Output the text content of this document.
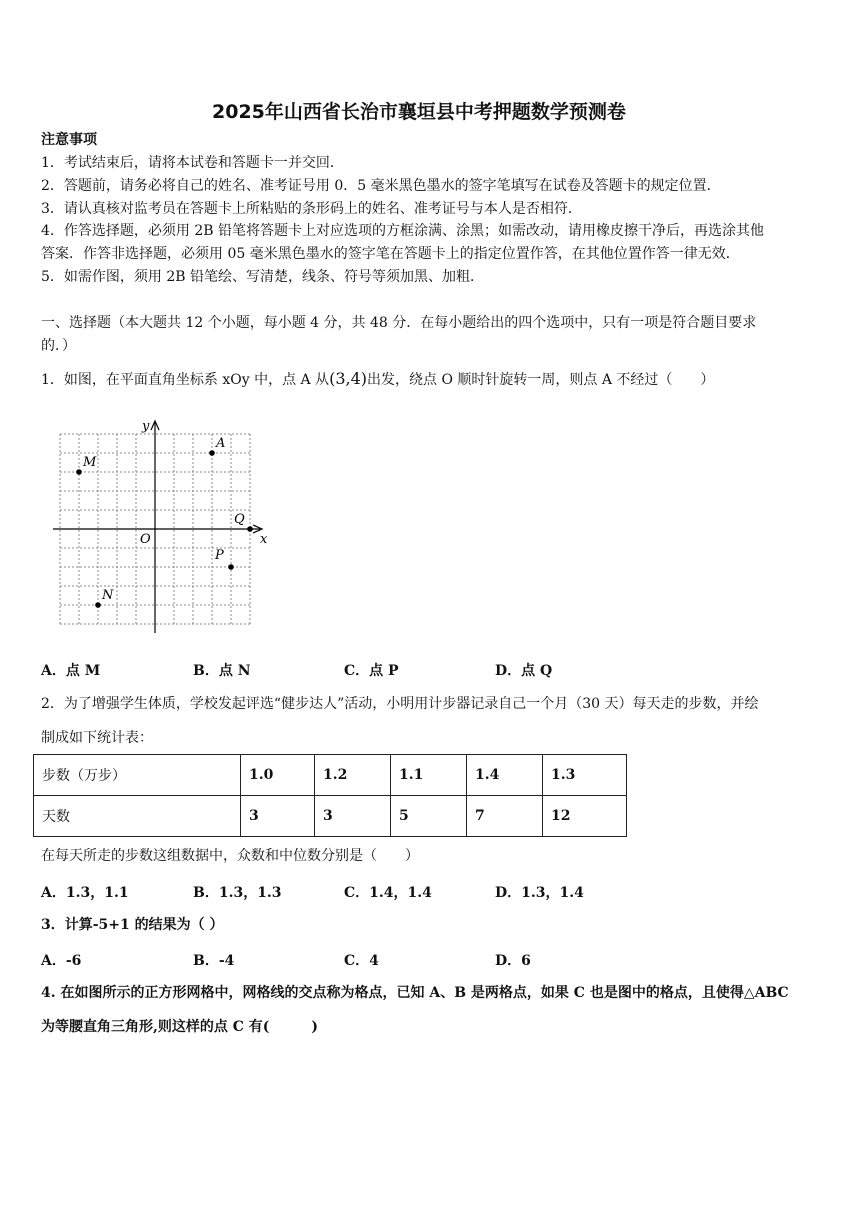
2025年山西省长治市襄垣县中考押题数学预测卷
注意事项
1．考试结束后，请将本试卷和答题卡一并交回．
2．答题前，请务必将自己的姓名、准考证号用 0．5 毫米黑色墨水的签字笔填写在试卷及答题卡的规定位置．
3．请认真核对监考员在答题卡上所粘贴的条形码上的姓名、准考证号与本人是否相符．
4．作答选择题，必须用 2B 铅笔将答题卡上对应选项的方框涂满、涂黑；如需改动，请用橡皮擦干净后，再选涂其他
答案．作答非选择题，必须用 05 毫米黑色墨水的签字笔在答题卡上的指定位置作答，在其他位置作答一律无效．
5．如需作图，须用 2B 铅笔绘、写清楚，线条、符号等须加黑、加粗．
一、选择题（本大题共 12 个小题，每小题 4 分，共 48 分．在每小题给出的四个选项中，只有一项是符合题目要求
的．）
1．如图，在平面直角坐标系 xOy 中，点 A 从(3,4)出发，绕点 O 顺时针旋转一周，则点 A 不经过（　　）
x
y
O
A
M
Q
P
N
A．点 M	B．点 N	C．点 P	D．点 Q
2．为了增强学生体质，学校发起评选“健步达人”活动，小明用计步器记录自己一个月（30 天）每天走的步数，并绘
制成如下统计表：
步数（万步）	1.0	1.2	1.1	1.4	1.3
天数	3	3	5	7	12
在每天所走的步数这组数据中，众数和中位数分别是（　　）
A．1.3，1.1	B．1.3，1.3	C．1.4，1.4	D．1.3，1.4
3．计算-5+1 的结果为（ ）
A．-6	B．-4	C．4	D．6
4. 在如图所示的正方形网格中，网格线的交点称为格点，已知 A、B 是两格点，如果 C 也是图中的格点，且使得△ABC
为等腰直角三角形,则这样的点 C 有(　　　)
